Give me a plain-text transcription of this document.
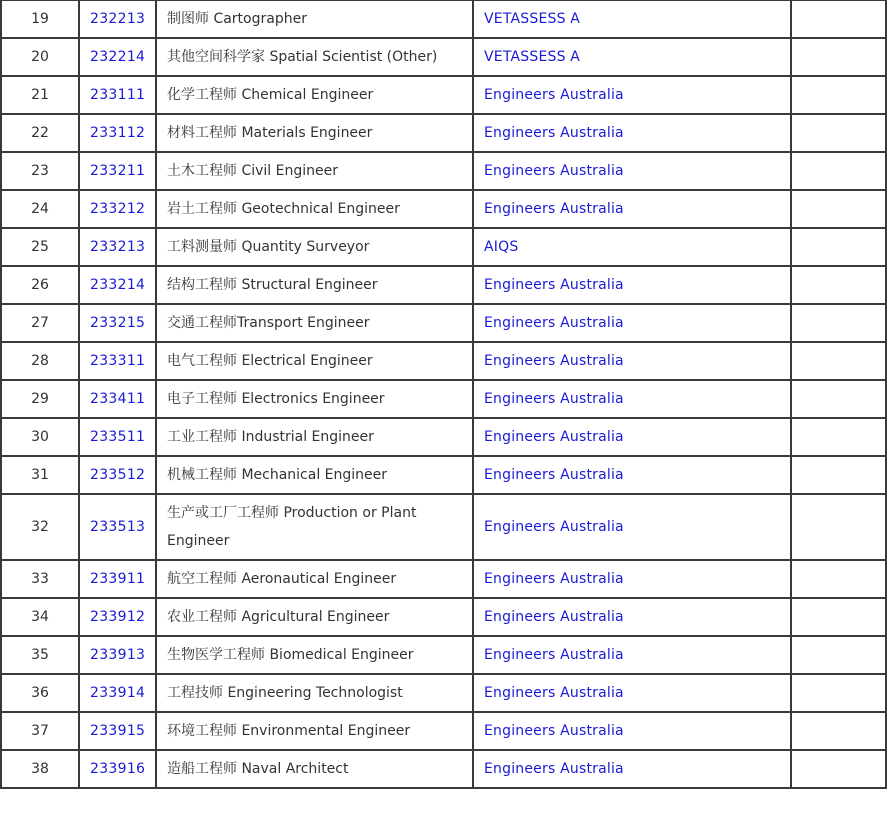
19	232213	制图师 Cartographer	VETASSESS A	
20	232214	其他空间科学家 Spatial Scientist (Other)	VETASSESS A	
21	233111	化学工程师 Chemical Engineer	Engineers Australia	
22	233112	材料工程师 Materials Engineer	Engineers Australia	
23	233211	土木工程师 Civil Engineer	Engineers Australia	
24	233212	岩土工程师 Geotechnical Engineer	Engineers Australia	
25	233213	工料测量师 Quantity Surveyor	AIQS	
26	233214	结构工程师 Structural Engineer	Engineers Australia	
27	233215	交通工程师Transport Engineer	Engineers Australia	
28	233311	电气工程师 Electrical Engineer	Engineers Australia	
29	233411	电子工程师 Electronics Engineer	Engineers Australia	
30	233511	工业工程师 Industrial Engineer	Engineers Australia	
31	233512	机械工程师 Mechanical Engineer	Engineers Australia	
32	233513	生产或工厂工程师 Production or Plant Engineer	Engineers Australia	
33	233911	航空工程师 Aeronautical Engineer	Engineers Australia	
34	233912	农业工程师 Agricultural Engineer	Engineers Australia	
35	233913	生物医学工程师 Biomedical Engineer	Engineers Australia	
36	233914	工程技师 Engineering Technologist	Engineers Australia	
37	233915	环境工程师 Environmental Engineer	Engineers Australia	
38	233916	造船工程师 Naval Architect	Engineers Australia	
